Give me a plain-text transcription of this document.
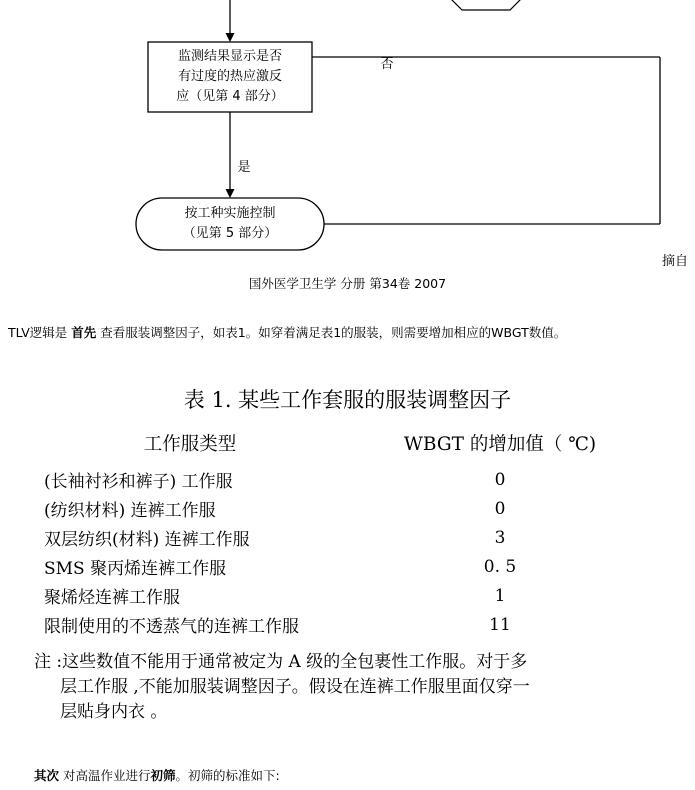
监测结果显示是否
有过度的热应激反
应（见第 4 部分）
按工种实施控制
（见第 5 部分）
否
是
摘自
国外医学卫生学 分册 第34卷 2007
TLV逻辑是 首先 查看服装调整因子，如表1。如穿着满足表1的服装，则需要增加相应的WBGT数值。
表 1. 某些工作套服的服装调整因子
工作服类型	WBGT 的增加值（ ℃)
(长袖衬衫和裤子) 工作服	0
(纺织材料) 连裤工作服	0
双层纺织(材料) 连裤工作服	3
SMS 聚丙烯连裤工作服	0. 5
聚烯烃连裤工作服	1
限制使用的不透蒸气的连裤工作服	11
注 :这些数值不能用于通常被定为 A 级的全包裹性工作服。对于多
层工作服 ,不能加服装调整因子。假设在连裤工作服里面仅穿一
层贴身内衣 。
其次 对高温作业进行初筛。初筛的标准如下:
